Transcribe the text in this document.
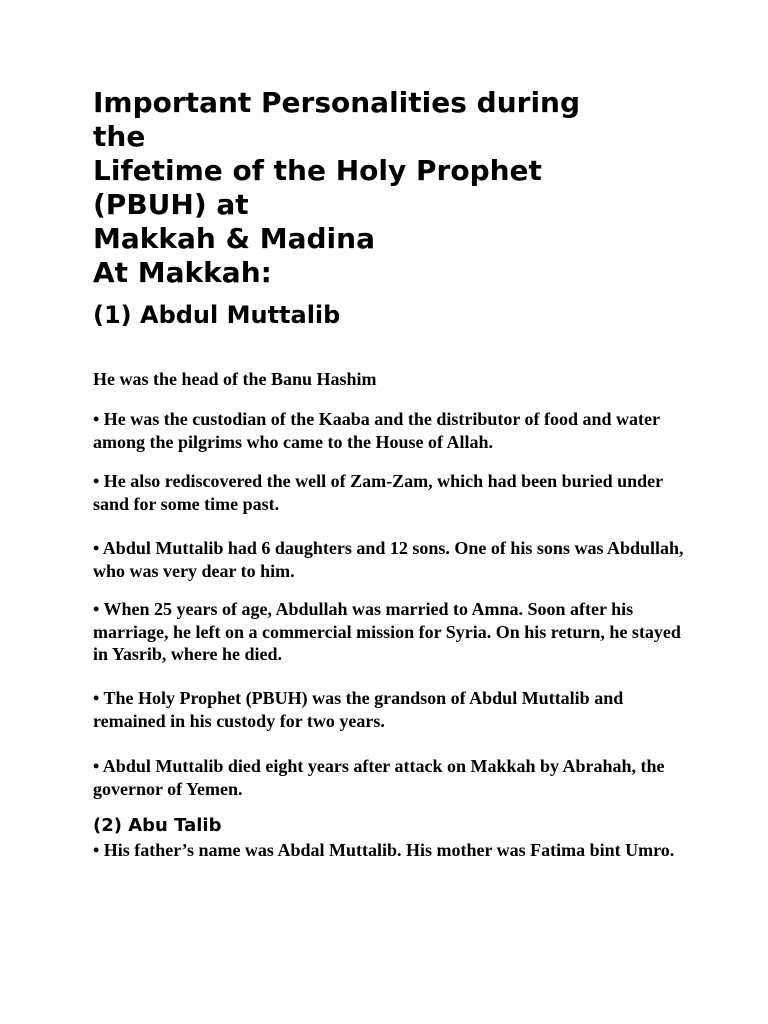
Important Personalities during
the
Lifetime of the Holy Prophet
(PBUH) at
Makkah & Madina
At Makkah:
(1) Abdul Muttalib

He was the head of the Banu Hashim

• He was the custodian of the Kaaba and the distributor of food and water among the pilgrims who came to the House of Allah.

• He also rediscovered the well of Zam-Zam, which had been buried under sand for some time past.

• Abdul Muttalib had 6 daughters and 12 sons. One of his sons was Abdullah, who was very dear to him.

• When 25 years of age, Abdullah was married to Amna. Soon after his marriage, he left on a commercial mission for Syria. On his return, he stayed in Yasrib, where he died.

• The Holy Prophet (PBUH) was the grandson of Abdul Muttalib and remained in his custody for two years.

• Abdul Muttalib died eight years after attack on Makkah by Abrahah, the governor of Yemen.

(2) Abu Talib

• His father’s name was Abdal Muttalib. His mother was Fatima bint Umro.
